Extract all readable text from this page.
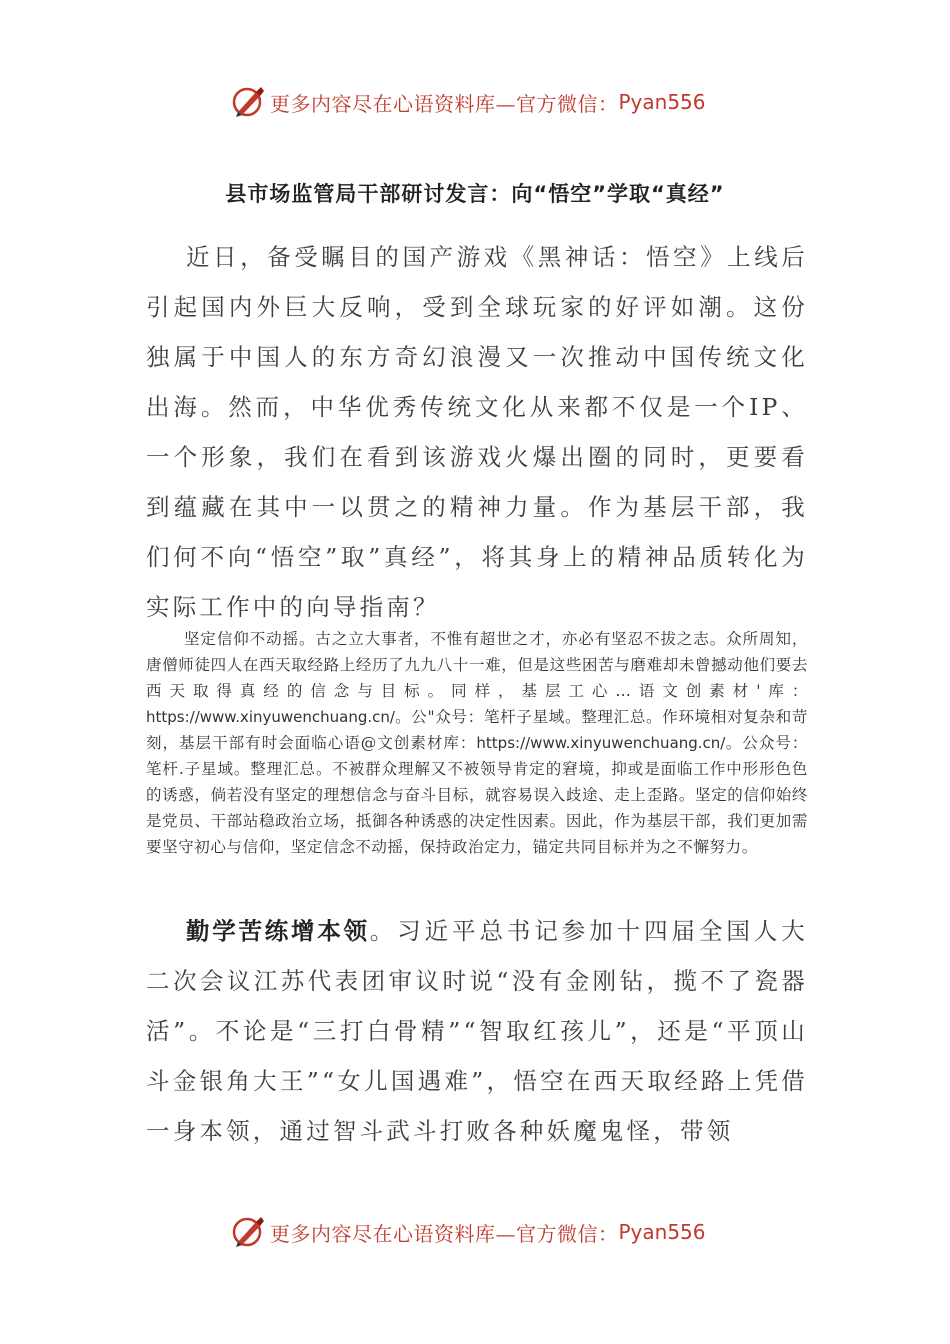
更多内容尽在心语资料库—官方微信： Pyan556
县市场监管局干部研讨发言：向“悟空”学取“真经”

近日，备受瞩目的国产游戏《黑神话：悟空》上线后引起国内外巨大反响，受到全球玩家的好评如潮。这份独属于中国人的东方奇幻浪漫又一次推动中国传统文化出海。然而，中华优秀传统文化从来都不仅是一个IP、一个形象，我们在看到该游戏火爆出圈的同时，更要看到蕴藏在其中一以贯之的精神力量。作为基层干部，我们何不向“悟空”取”真经”，将其身上的精神品质转化为实际工作中的向导指南？

坚定信仰不动摇。古之立大事者，不惟有超世之才，亦必有坚忍不拔之志。众所周知，唐僧师徒四人在西天取经路上经历了九九八十一难，但是这些困苦与磨难却未曾撼动他们要去西天取得真经的信念与目标。同样，基层工心…语文创素材'库：https://www.xinyuwenchuang.cn/。公"众号：笔杆子星域。整理汇总。作环境相对复杂和苛刻，基层干部有时会面临心语@文创素材库：https://www.xinyuwenchuang.cn/。公众号：笔杆.子星域。整理汇总。不被群众理解又不被领导肯定的窘境，抑或是面临工作中形形色色的诱惑，倘若没有坚定的理想信念与奋斗目标，就容易误入歧途、走上歪路。坚定的信仰始终是党员、干部站稳政治立场，抵御各种诱惑的决定性因素。因此，作为基层干部，我们更加需要坚守初心与信仰，坚定信念不动摇，保持政治定力，锚定共同目标并为之不懈努力。

勤学苦练增本领。习近平总书记参加十四届全国人大二次会议江苏代表团审议时说“没有金刚钻，揽不了瓷器活”。不论是“三打白骨精”“智取红孩儿”，还是“平顶山斗金银角大王”“女儿国遇难”，悟空在西天取经路上凭借一身本领，通过智斗武斗打败各种妖魔鬼怪，带领

更多内容尽在心语资料库—官方微信： Pyan556
